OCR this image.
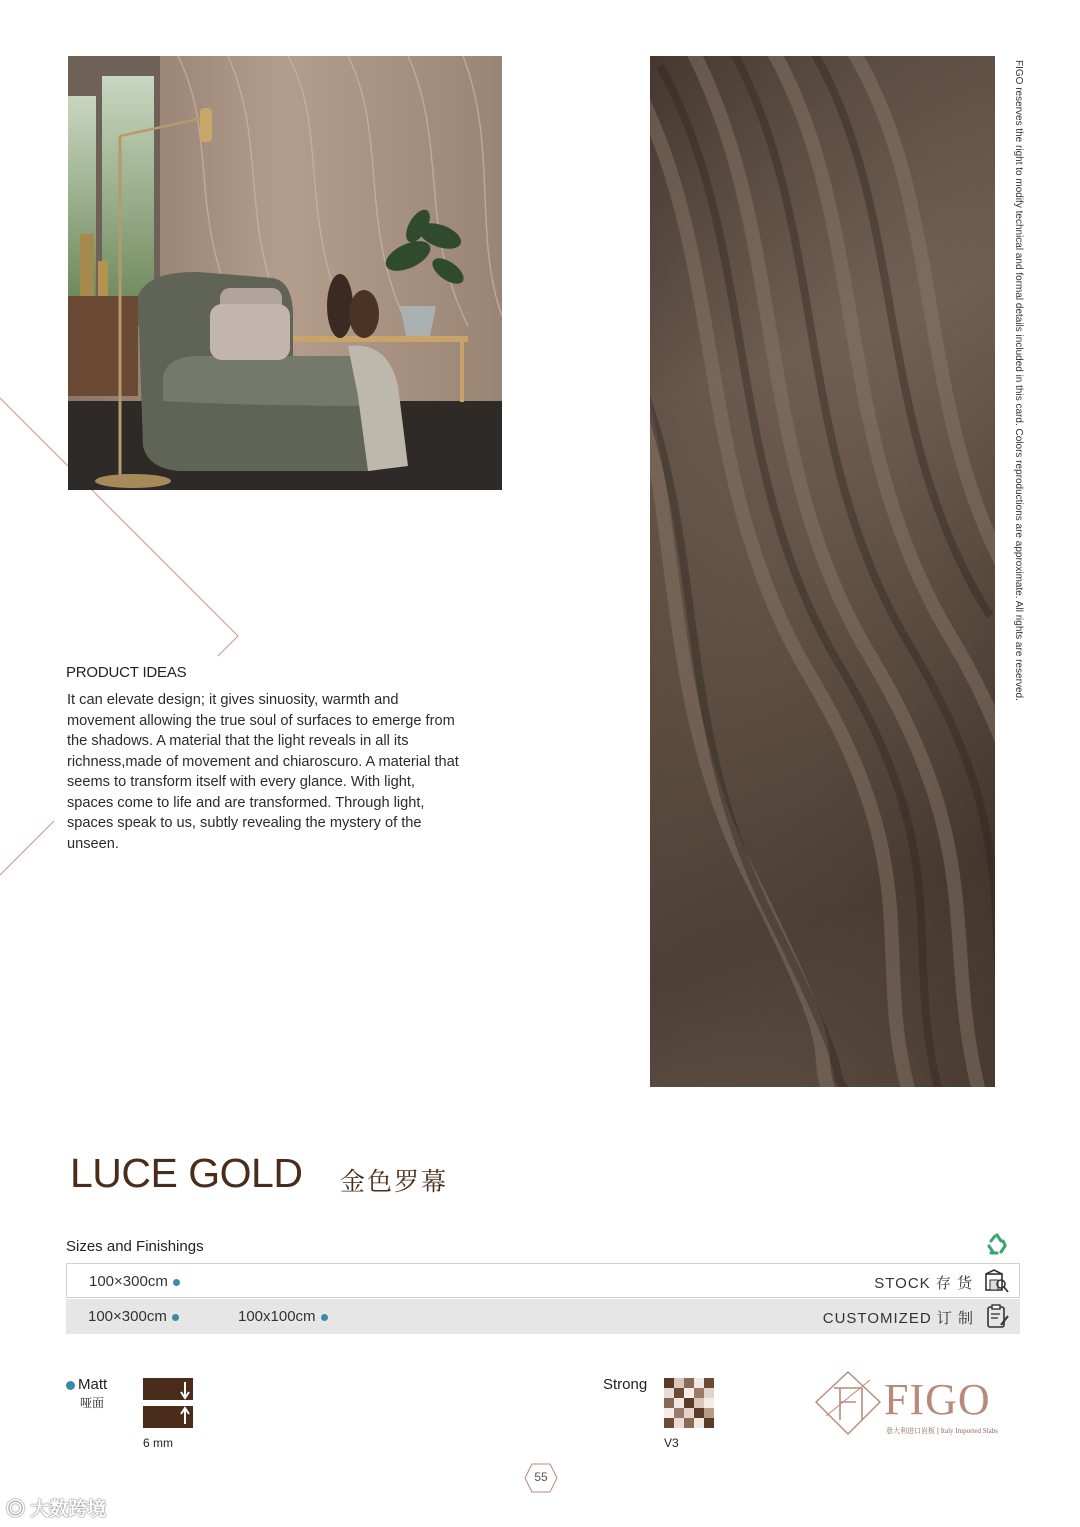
FIGO reserves the right to modify technical and formal details included in this card. Colors reproductions are approximate. All rights are reserved.
PRODUCT IDEAS
It can elevate design; it gives sinuosity, warmth and movement allowing the true soul of surfaces to emerge from the shadows. A material that the light reveals in all its richness,made of movement and chiaroscuro. A material that seems to transform itself with every glance. With light, spaces come to life and are transformed. Through light, spaces speak to us, subtly revealing the mystery of the unseen.
LUCE GOLD 金色罗幕
Sizes and Finishings
100×300cm	STOCK 存 货
100×300cm	100x100cm	CUSTOMIZED 订 制
Matt
哑面
6 mm
Strong
V3
FIGO
意大利进口岩板 | Italy Imported Slabs
55
◎ 大数跨境
